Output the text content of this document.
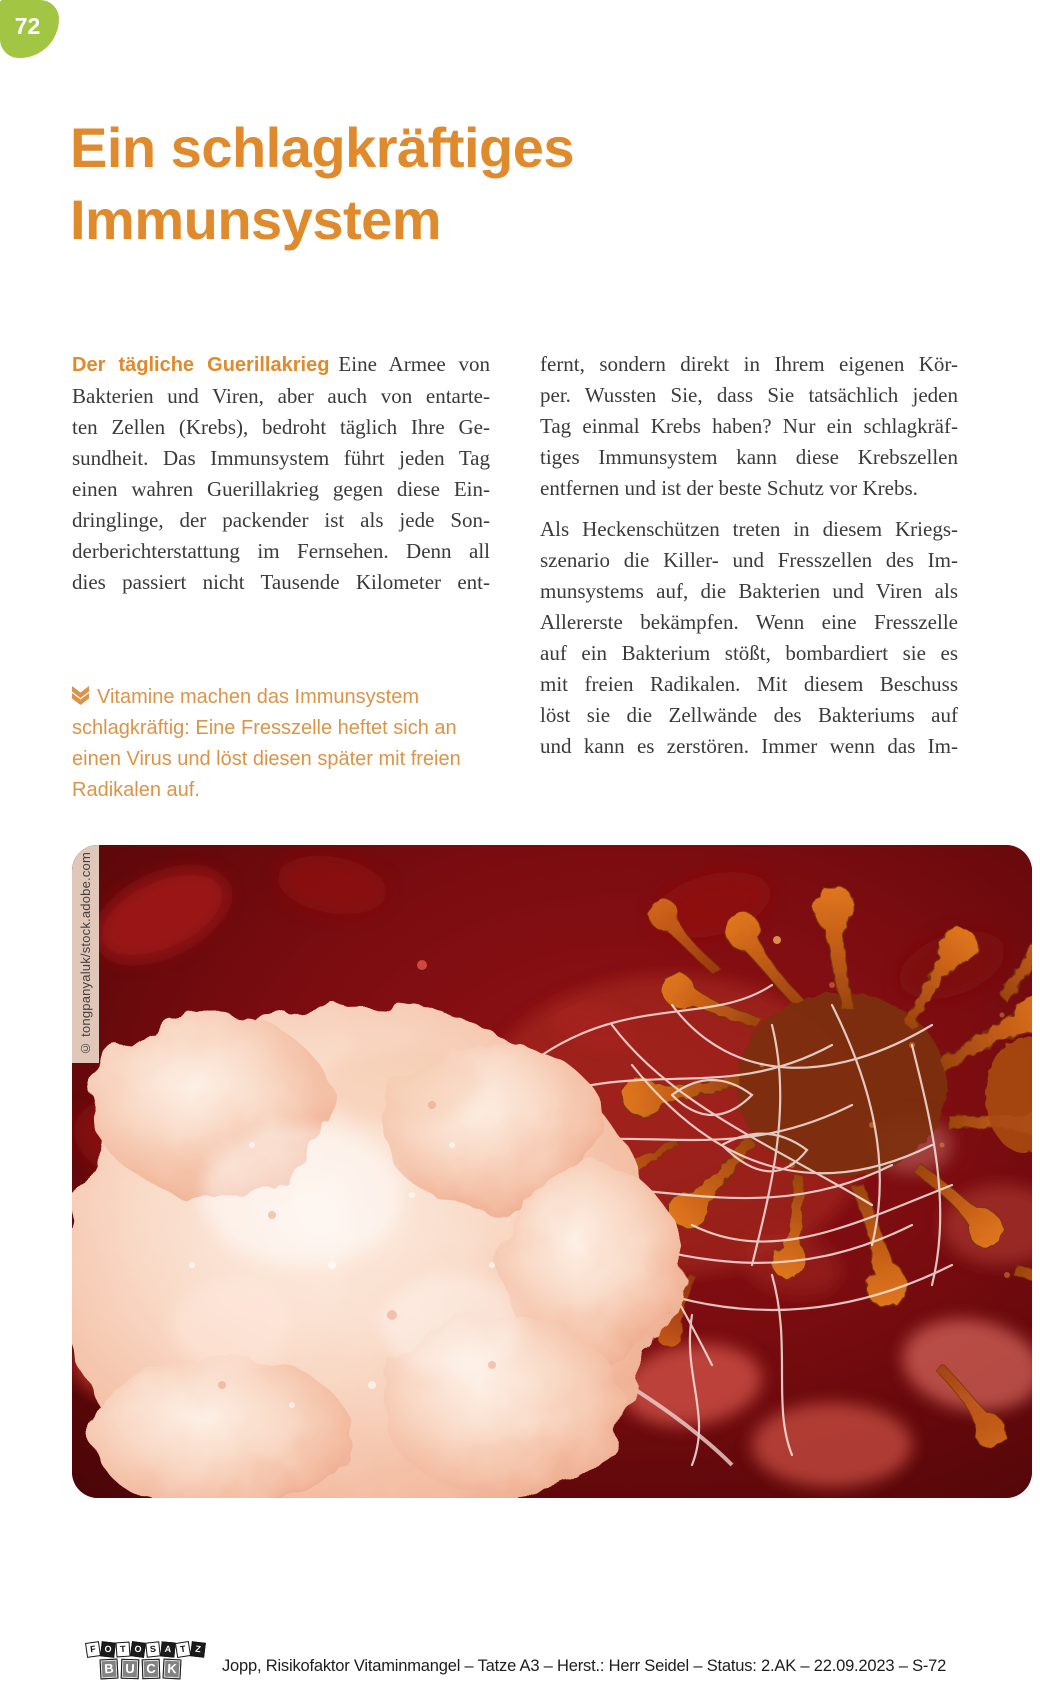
72
Ein schlagkräftiges
Immunsystem
Der tägliche Guerillakrieg Eine Armee von
Bakterien und Viren, aber auch von entarte-
ten Zellen (Krebs), bedroht täglich Ihre Ge-
sundheit. Das Immunsystem führt jeden Tag
einen wahren Guerillakrieg gegen diese Ein-
dringlinge, der packender ist als jede Son-
derberichterstattung im Fernsehen. Denn all
dies passiert nicht Tausende Kilometer ent-
Vitamine machen das Immunsystem
schlagkräftig: Eine Fresszelle heftet sich an
einen Virus und löst diesen später mit freien
Radikalen auf.
fernt, sondern direkt in Ihrem eigenen Kör-
per. Wussten Sie, dass Sie tatsächlich jeden
Tag einmal Krebs haben? Nur ein schlagkräf-
tiges Immunsystem kann diese Krebszellen
entfernen und ist der beste Schutz vor Krebs.
Als Heckenschützen treten in diesem Kriegs-
szenario die Killer- und Fresszellen des Im-
munsystems auf, die Bakterien und Viren als
Allererste bekämpfen. Wenn eine Fresszelle
auf ein Bakterium stößt, bombardiert sie es
mit freien Radikalen. Mit diesem Beschuss
löst sie die Zellwände des Bakteriums auf
und kann es zerstören. Immer wenn das Im-
© tongpanyaluk/stock.adobe.com
F O T O S A T Z
B U C K	Jopp, Risikofaktor Vitaminmangel – Tatze A3 – Herst.: Herr Seidel – Status: 2.AK – 22.09.2023 – S-72
